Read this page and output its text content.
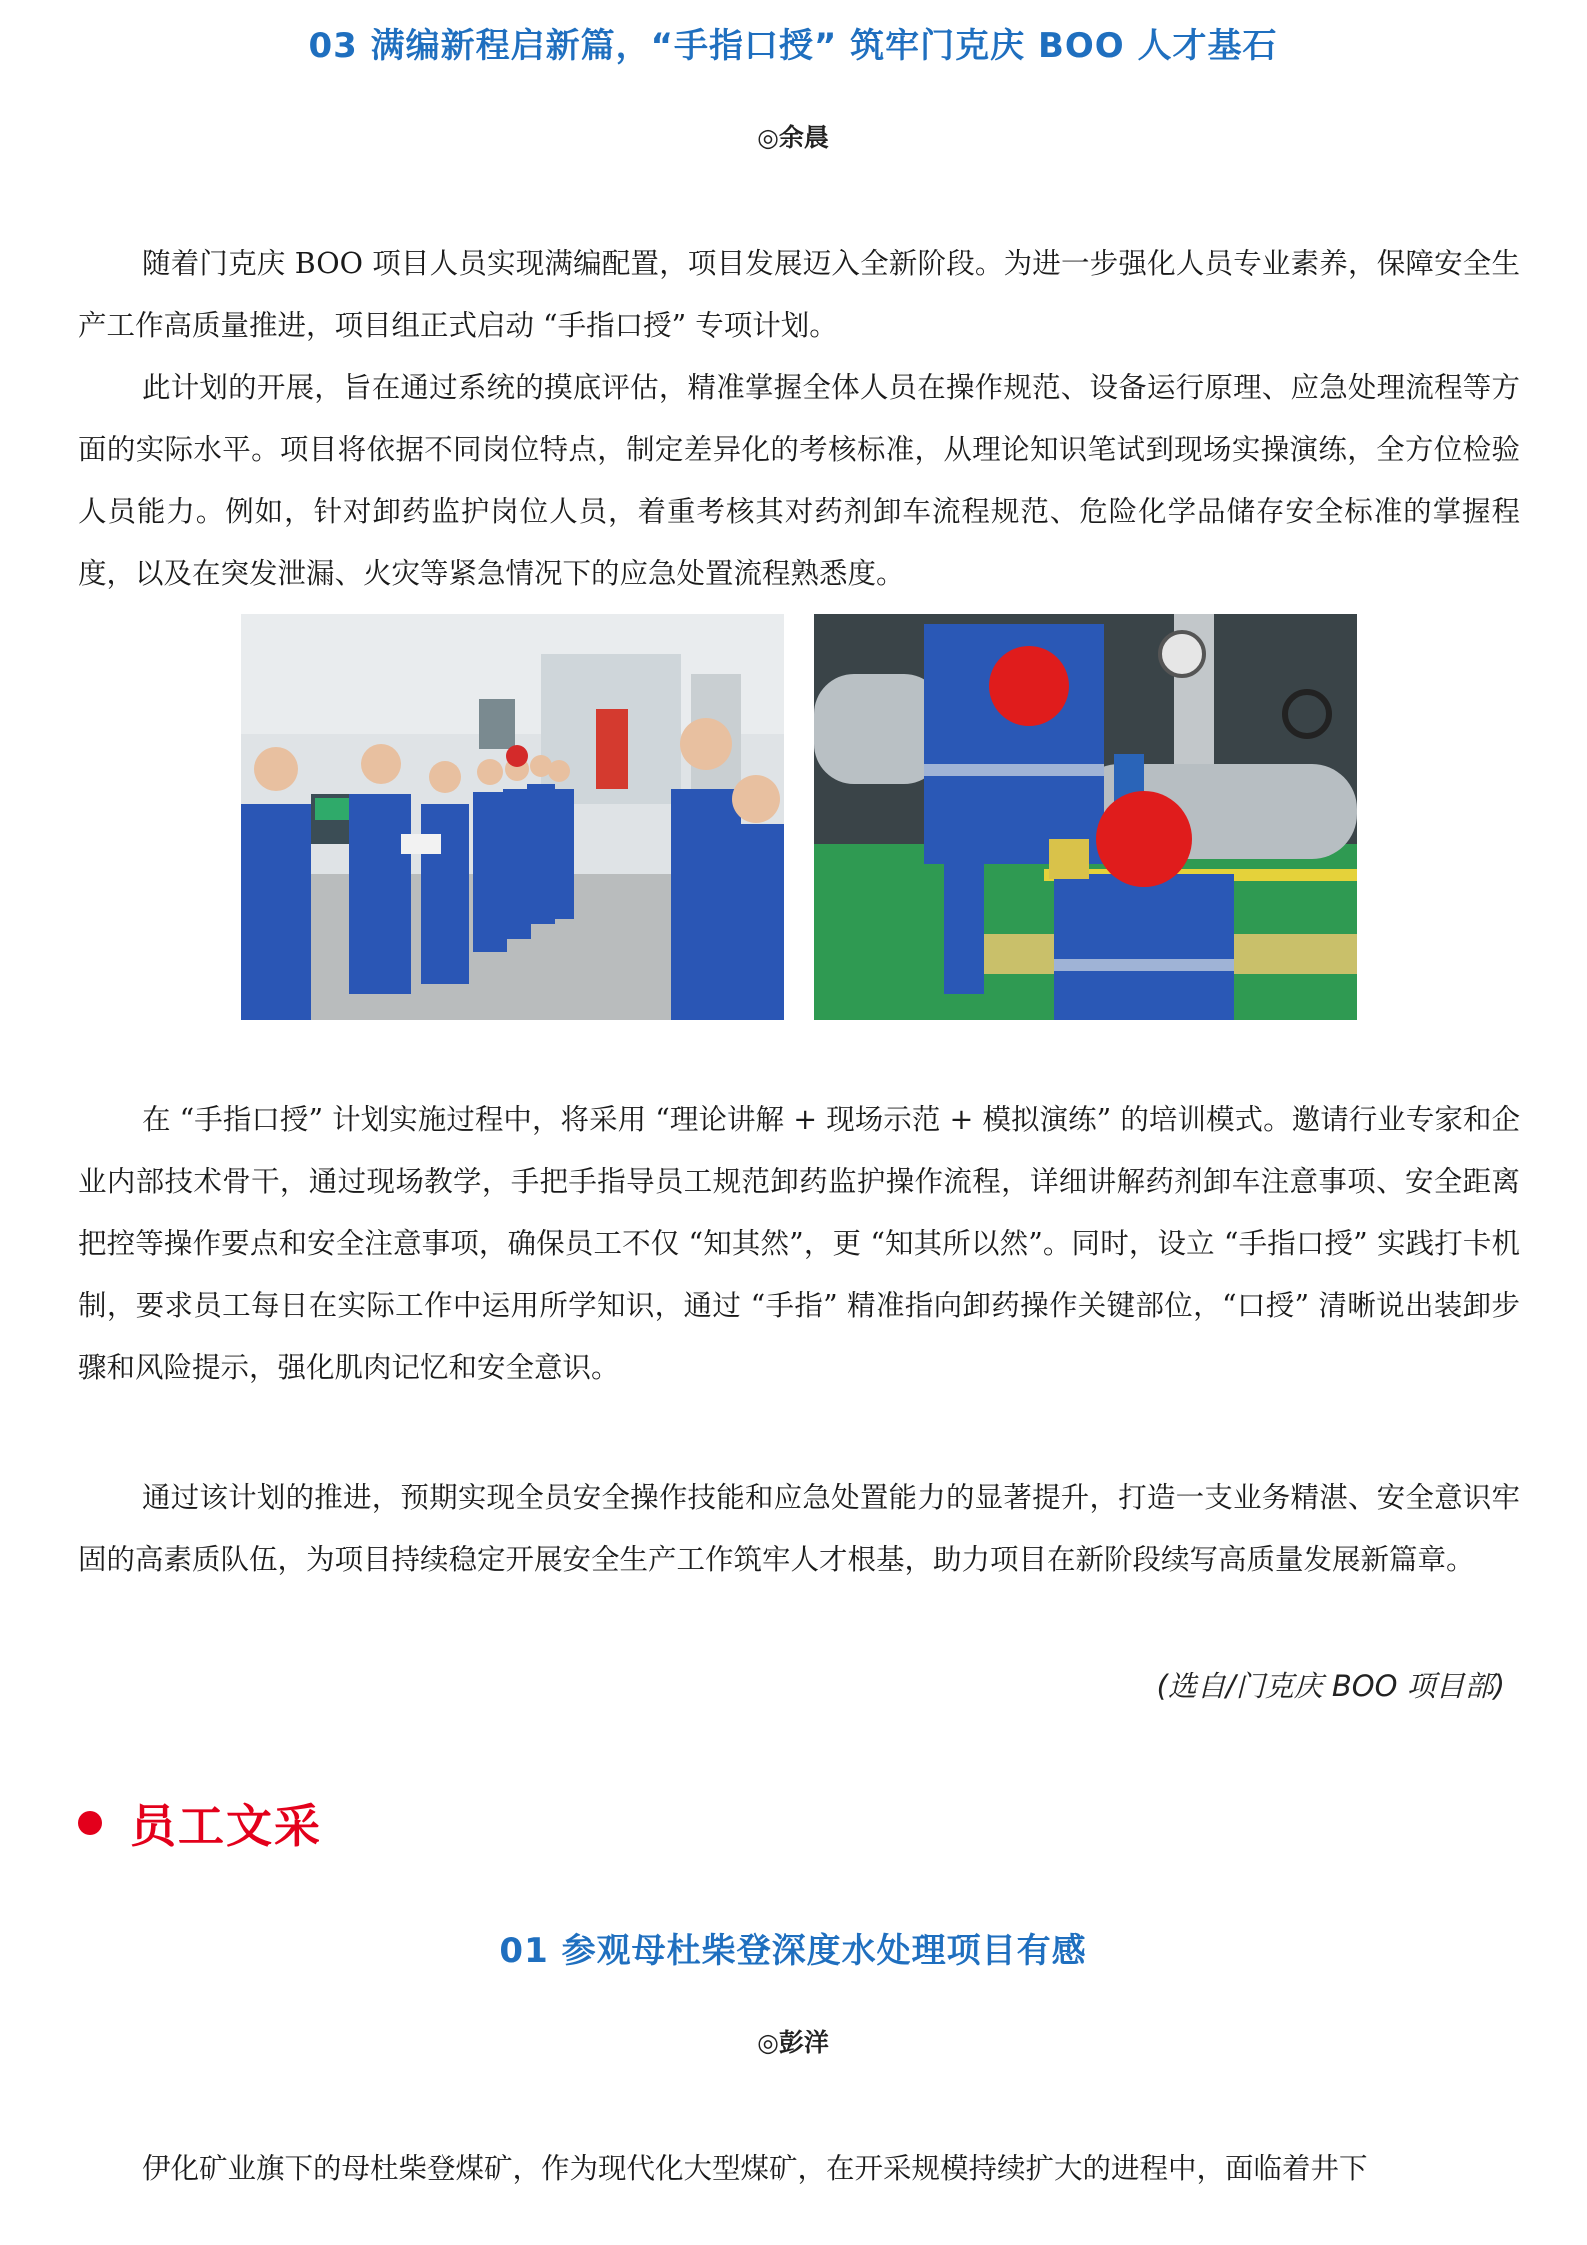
03 满编新程启新篇，“手指口授” 筑牢门克庆 BOO 人才基石
◎余晨

随着门克庆 BOO 项目人员实现满编配置，项目发展迈入全新阶段。为进一步强化人员专业素养，保障安全生产工作高质量推进，项目组正式启动 “手指口授” 专项计划。

此计划的开展，旨在通过系统的摸底评估，精准掌握全体人员在操作规范、设备运行原理、应急处理流程等方面的实际水平。项目将依据不同岗位特点，制定差异化的考核标准，从理论知识笔试到现场实操演练，全方位检验人员能力。例如，针对卸药监护岗位人员，着重考核其对药剂卸车流程规范、危险化学品储存安全标准的掌握程度，以及在突发泄漏、火灾等紧急情况下的应急处置流程熟悉度。

在 “手指口授” 计划实施过程中，将采用 “理论讲解 + 现场示范 + 模拟演练” 的培训模式。邀请行业专家和企业内部技术骨干，通过现场教学，手把手指导员工规范卸药监护操作流程，详细讲解药剂卸车注意事项、安全距离把控等操作要点和安全注意事项，确保员工不仅 “知其然”，更 “知其所以然”。同时，设立 “手指口授” 实践打卡机制，要求员工每日在实际工作中运用所学知识，通过 “手指” 精准指向卸药操作关键部位，“口授” 清晰说出装卸步骤和风险提示，强化肌肉记忆和安全意识。

通过该计划的推进，预期实现全员安全操作技能和应急处置能力的显著提升，打造一支业务精湛、安全意识牢固的高素质队伍，为项目持续稳定开展安全生产工作筑牢人才根基，助力项目在新阶段续写高质量发展新篇章。

(选自/门克庆 BOO 项目部)
员工文采
01 参观母杜柴登深度水处理项目有感
◎彭洋

伊化矿业旗下的母杜柴登煤矿，作为现代化大型煤矿，在开采规模持续扩大的进程中，面临着井下
